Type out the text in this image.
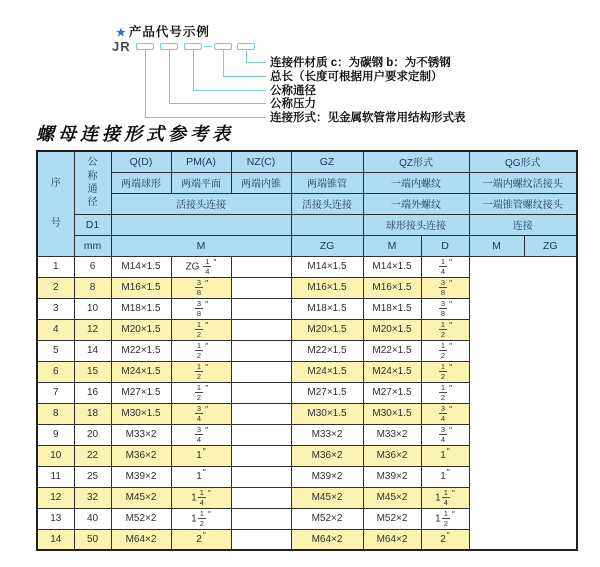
★ 产品代号示例
JR
连接件材质 c：为碳钢 b：为不锈钢
总长（长度可根据用户要求定制）
公称通径
公称压力
连接形式：见金属软管常用结构形式表
螺母连接形式参考表
序
号	公
称
通
径	Q(D)	PM(A)	NZ(C)	GZ	QZ形式		QG形式	
		两端球形	两端平面	两端内锥	两端锥管	一端内螺纹		一端内螺纹活接头	
		活接头连接			活接头连接	一端外螺纹		一端锥管螺纹接头	
	D1					球形接头连接		连接	
	mm	M			ZG	M	D	M	ZG
1	6	M14×1.5	ZG $\frac{1}{4} ''$		M14×1.5	M14×1.5	$\frac{1}{4} ''$
2	8	M16×1.5	$\frac{3}{8} ''$		M16×1.5	M16×1.5	$\frac{3}{8} ''$
3	10	M18×1.5	$\frac{3}{8} ''$		M18×1.5	M18×1.5	$\frac{3}{8} ''$
4	12	M20×1.5	$\frac{1}{2} ''$		M20×1.5	M20×1.5	$\frac{1}{2} ''$
5	14	M22×1.5	$\frac{1}{2} ''$		M22×1.5	M22×1.5	$\frac{1}{2} ''$
6	15	M24×1.5	$\frac{1}{2} ''$		M24×1.5	M24×1.5	$\frac{1}{2} ''$
7	16	M27×1.5	$\frac{1}{2} ''$		M27×1.5	M27×1.5	$\frac{1}{2} ''$
8	18	M30×1.5	$\frac{3}{4} ''$		M30×1.5	M30×1.5	$\frac{3}{4} ''$
9	20	M33×2	$\frac{3}{4} ''$		M33×2	M33×2	$\frac{3}{4} ''$
10	22	M36×2	1″		M36×2	M36×2	1″
11	25	M39×2	1″		M39×2	M39×2	1″
12	32	M45×2	$1 \frac{1}{4} ''$		M45×2	M45×2	$1 \frac{1}{4} ''$
13	40	M52×2	$1 \frac{1}{2} ''$		M52×2	M52×2	$1 \frac{1}{2} ''$
14	50	M64×2	2″		M64×2	M64×2	2″
